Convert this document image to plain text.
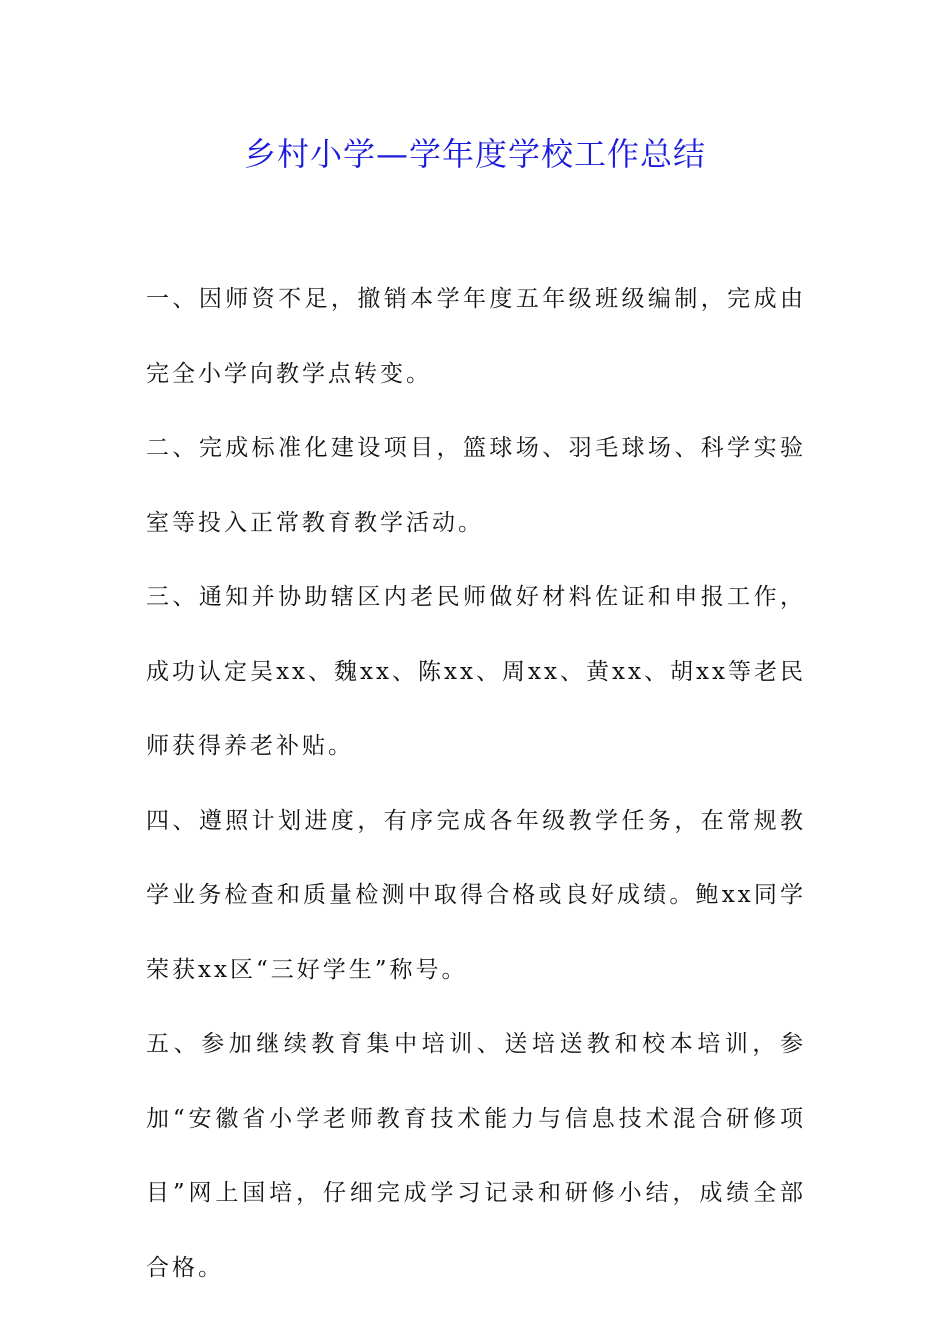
乡村小学—学年度学校工作总结

一、因师资不足，撤销本学年度五年级班级编制，完成由完全小学向教学点转变。

二、完成标准化建设项目，篮球场、羽毛球场、科学实验室等投入正常教育教学活动。

三、通知并协助辖区内老民师做好材料佐证和申报工作，成功认定吴xx、魏xx、陈xx、周xx、黄xx、胡xx等老民师获得养老补贴。

四、遵照计划进度，有序完成各年级教学任务，在常规教学业务检查和质量检测中取得合格或良好成绩。鲍xx同学荣获xx区“三好学生”称号。

五、参加继续教育集中培训、送培送教和校本培训，参加“安徽省小学老师教育技术能力与信息技术混合研修项目”网上国培，仔细完成学习记录和研修小结，成绩全部合格。
